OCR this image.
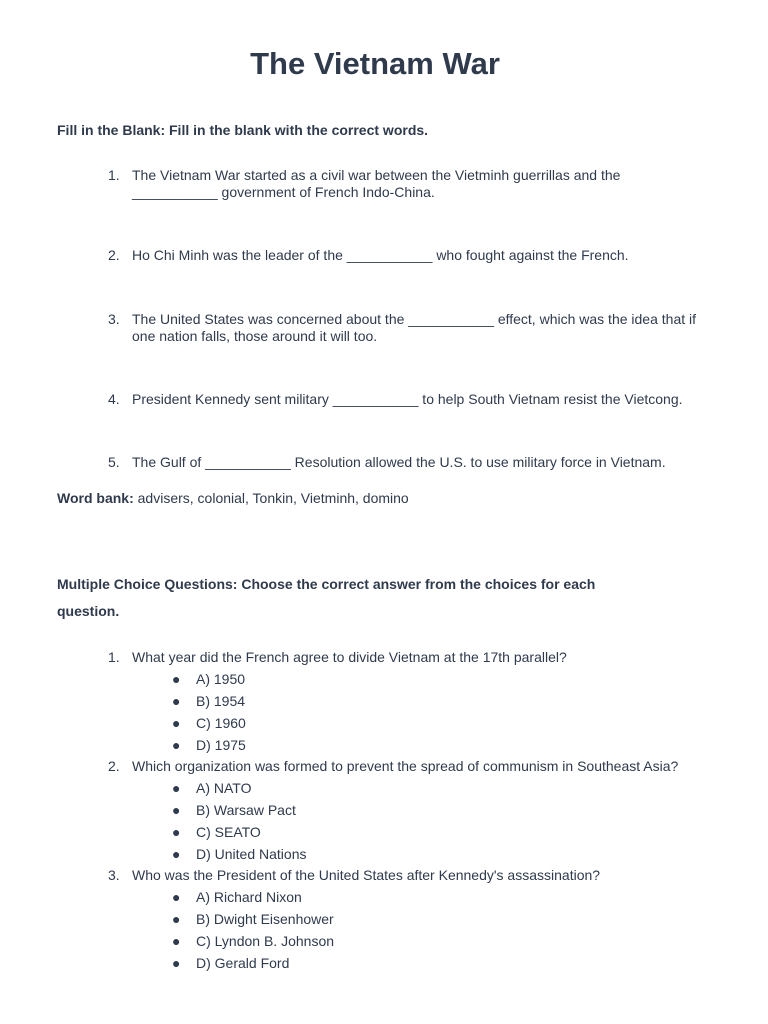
The Vietnam War
Fill in the Blank: Fill in the blank with the correct words.
1. The Vietnam War started as a civil war between the Vietminh guerrillas and the ___________ government of French Indo-China.
2. Ho Chi Minh was the leader of the ___________ who fought against the French.
3. The United States was concerned about the ___________ effect, which was the idea that if one nation falls, those around it will too.
4. President Kennedy sent military ___________ to help South Vietnam resist the Vietcong.
5. The Gulf of ___________ Resolution allowed the U.S. to use military force in Vietnam.
Word bank: advisers, colonial, Tonkin, Vietminh, domino
Multiple Choice Questions: Choose the correct answer from the choices for each question.
1. What year did the French agree to divide Vietnam at the 17th parallel?
● A) 1950
● B) 1954
● C) 1960
● D) 1975
2. Which organization was formed to prevent the spread of communism in Southeast Asia?
● A) NATO
● B) Warsaw Pact
● C) SEATO
● D) United Nations
3. Who was the President of the United States after Kennedy's assassination?
● A) Richard Nixon
● B) Dwight Eisenhower
● C) Lyndon B. Johnson
● D) Gerald Ford
